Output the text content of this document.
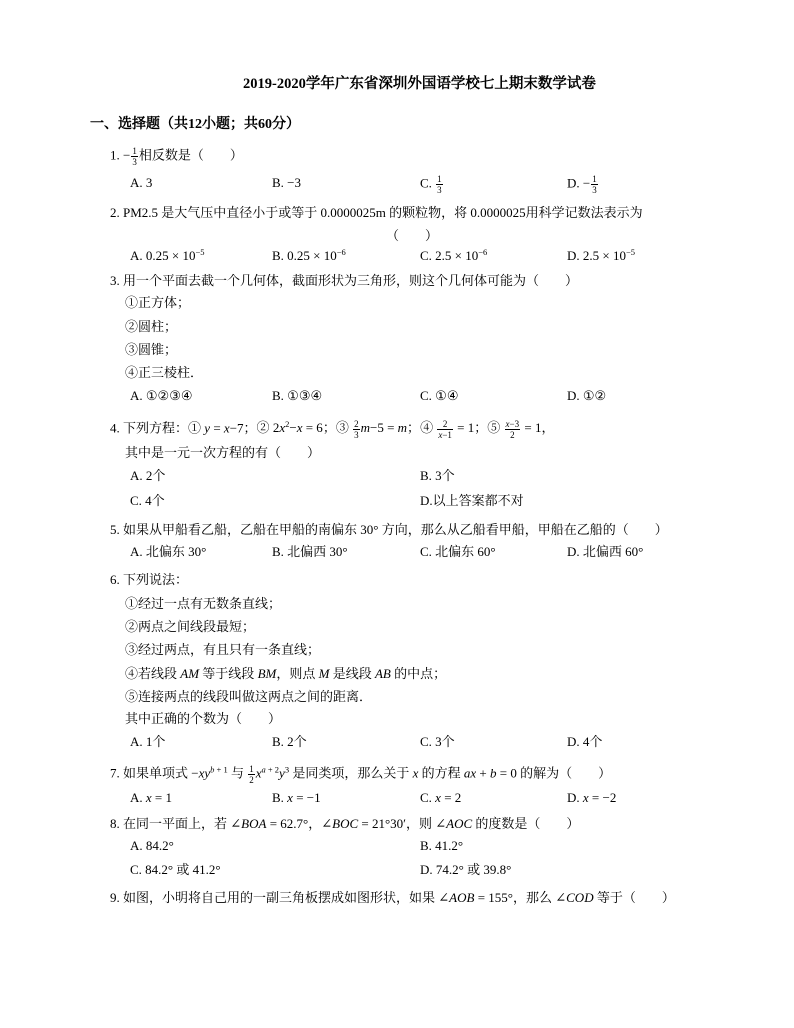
2019-2020学年广东省深圳外国语学校七上期末数学试卷
一、选择题（共12小题；共60分）
1. − $\frac{1}{3}$ 相反数是（　　）
A. 3	B. −3	C. $\frac{1}{3}$	D. − $\frac{1}{3}$
2. PM2.5 是大气压中直径小于或等于 0.0000025m 的颗粒物，将 0.0000025用科学记数法表示为
（　　）
A. $0.25 \times 10^{-5}$	B. $0.25 \times 10^{-6}$	C. $2.5 \times 10^{-6}$	D. $2.5 \times 10^{-5}$
3. 用一个平面去截一个几何体，截面形状为三角形，则这个几何体可能为（　　）
①正方体；
②圆柱；
③圆锥；
④正三棱柱．
A. ①②③④	B. ①③④	C. ①④	D. ①②
4. 下列方程：① y = x−7；② $2x^2-x = 6$；③ $\frac{2}{3} m-5 = m$；④ $\frac{2}{x-1} = 1$；⑤ $\frac{x-3}{2} = 1$，
其中是一元一次方程的有（　　）
A. 2个	B. 3个
C. 4个	D.以上答案都不对
5. 如果从甲船看乙船，乙船在甲船的南偏东 30° 方向，那么从乙船看甲船，甲船在乙船的（　　）
A. 北偏东 30°	B. 北偏西 30°	C. 北偏东 60°	D. 北偏西 60°
6. 下列说法：
①经过一点有无数条直线；
②两点之间线段最短；
③经过两点，有且只有一条直线；
④若线段 AM 等于线段 BM，则点 M 是线段 AB 的中点；
⑤连接两点的线段叫做这两点之间的距离．
其中正确的个数为（　　）
A. 1个	B. 2个	C. 3个	D. 4个
7. 如果单项式 $-xy^{b + 1}$ 与 $\frac{1}{2} x^{a + 2}y^3$ 是同类项，那么关于 x 的方程 ax + b = 0 的解为（　　）
A. x = 1	B. x = −1	C. x = 2	D. x = −2
8. 在同一平面上，若 ∠BOA = 62.7°，∠BOC = 21°30′，则 ∠AOC 的度数是（　　）
A. 84.2°	B. 41.2°
C. 84.2° 或 41.2°	D. 74.2° 或 39.8°
9. 如图，小明将自己用的一副三角板摆成如图形状，如果 ∠AOB = 155°，那么 ∠COD 等于（　　）
